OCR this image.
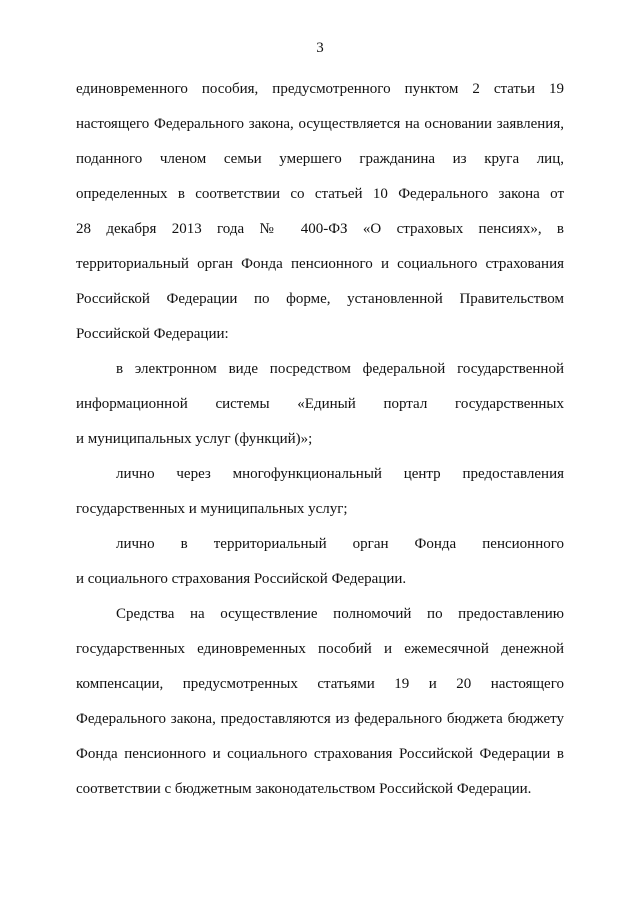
3
единовременного пособия, предусмотренного пунктом 2 статьи 19
настоящего Федерального закона, осуществляется на основании заявления,
поданного членом семьи умершего гражданина из круга лиц,
определенных в соответствии со статьей 10 Федерального закона от
28 декабря 2013 года № 400-ФЗ «О страховых пенсиях», в
территориальный орган Фонда пенсионного и социального страхования
Российской Федерации по форме, установленной Правительством
Российской Федерации:
в электронном виде посредством федеральной государственной
информационной системы «Единый портал государственных
и муниципальных услуг (функций)»;
лично через многофункциональный центр предоставления
государственных и муниципальных услуг;
лично в территориальный орган Фонда пенсионного
и социального страхования Российской Федерации.
Средства на осуществление полномочий по предоставлению
государственных единовременных пособий и ежемесячной денежной
компенсации, предусмотренных статьями 19 и 20 настоящего
Федерального закона, предоставляются из федерального бюджета бюджету
Фонда пенсионного и социального страхования Российской Федерации в
соответствии с бюджетным законодательством Российской Федерации.
